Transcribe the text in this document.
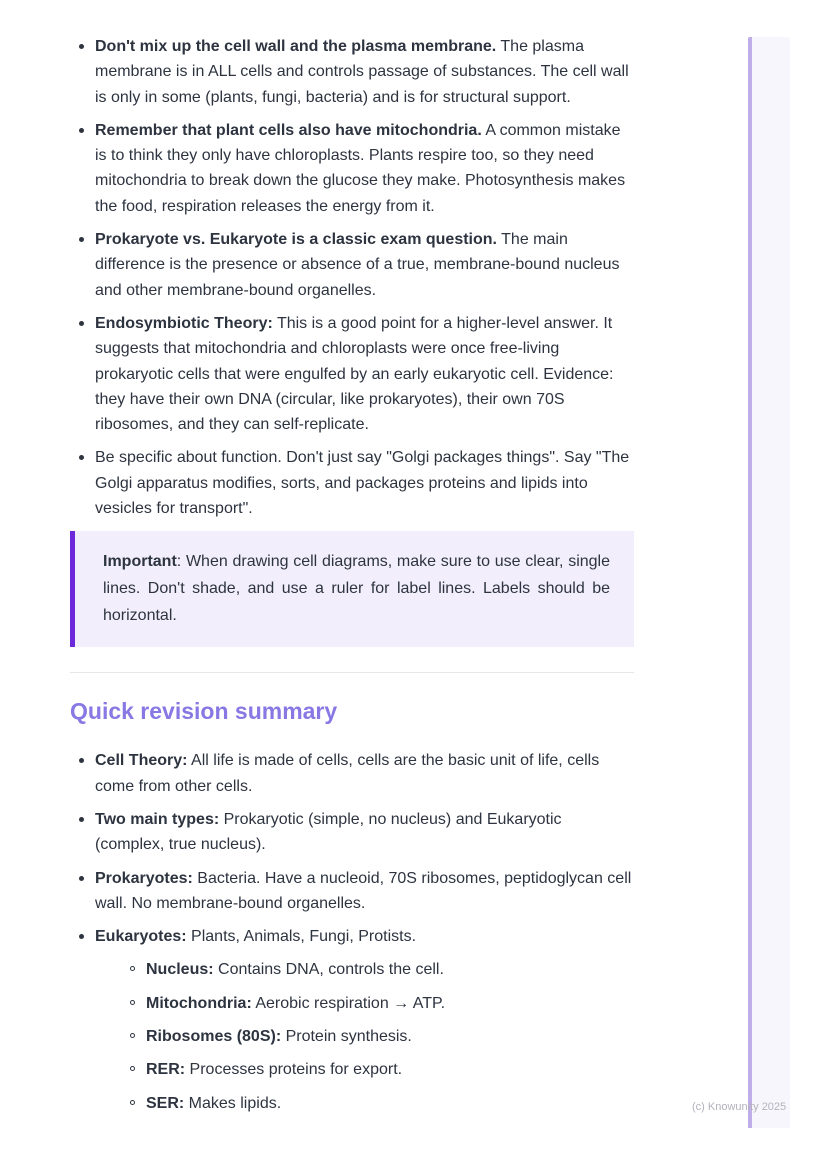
Don't mix up the cell wall and the plasma membrane. The plasma membrane is in ALL cells and controls passage of substances. The cell wall is only in some (plants, fungi, bacteria) and is for structural support.
Remember that plant cells also have mitochondria. A common mistake is to think they only have chloroplasts. Plants respire too, so they need mitochondria to break down the glucose they make. Photosynthesis makes the food, respiration releases the energy from it.
Prokaryote vs. Eukaryote is a classic exam question. The main difference is the presence or absence of a true, membrane-bound nucleus and other membrane-bound organelles.
Endosymbiotic Theory: This is a good point for a higher-level answer. It suggests that mitochondria and chloroplasts were once free-living prokaryotic cells that were engulfed by an early eukaryotic cell. Evidence: they have their own DNA (circular, like prokaryotes), their own 70S ribosomes, and they can self-replicate.
Be specific about function. Don't just say "Golgi packages things". Say "The Golgi apparatus modifies, sorts, and packages proteins and lipids into vesicles for transport".
Important: When drawing cell diagrams, make sure to use clear, single lines. Don't shade, and use a ruler for label lines. Labels should be horizontal.
Quick revision summary
Cell Theory: All life is made of cells, cells are the basic unit of life, cells come from other cells.
Two main types: Prokaryotic (simple, no nucleus) and Eukaryotic (complex, true nucleus).
Prokaryotes: Bacteria. Have a nucleoid, 70S ribosomes, peptidoglycan cell wall. No membrane-bound organelles.
Eukaryotes: Plants, Animals, Fungi, Protists.
Nucleus: Contains DNA, controls the cell.
Mitochondria: Aerobic respiration → ATP.
Ribosomes (80S): Protein synthesis.
RER: Processes proteins for export.
SER: Makes lipids.	(c) Knowunity 2025
